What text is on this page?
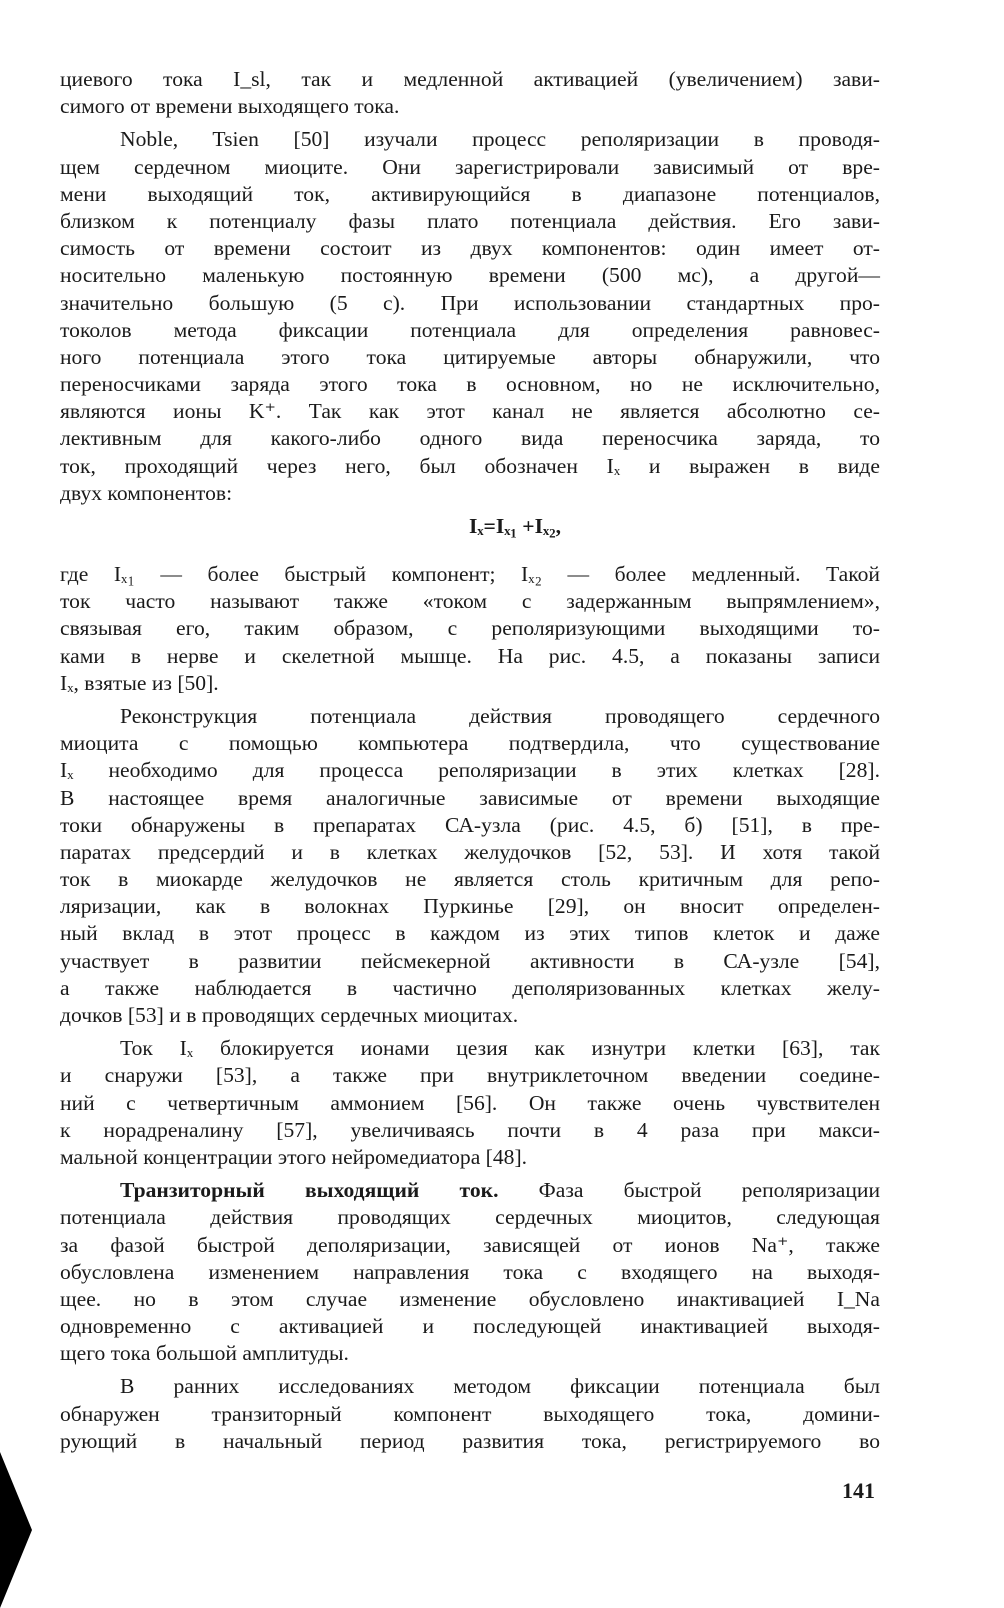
циевого тока I_sl, так и медленной активацией (увеличением) зави-
симого от времени выходящего тока.
Noble, Tsien [50] изучали процесс реполяризации в проводя-
щем сердечном миоците. Они зарегистрировали зависимый от вре-
мени выходящий ток, активирующийся в диапазоне потенциалов,
близком к потенциалу фазы плато потенциала действия. Его зави-
симость от времени состоит из двух компонентов: один имеет от-
носительно маленькую постоянную времени (500 мс), а другой—
значительно большую (5 с). При использовании стандартных про-
токолов метода фиксации потенциала для определения равновес-
ного потенциала этого тока цитируемые авторы обнаружили, что
переносчиками заряда этого тока в основном, но не исключительно,
являются ионы K⁺. Так как этот канал не является абсолютно се-
лективным для какого-либо одного вида переносчика заряда, то
ток, проходящий через него, был обозначен Iₓ и выражен в виде
двух компонентов:
Iₓ=Iₓ₁ +Iₓ₂,
где Iₓ₁ — более быстрый компонент; Iₓ₂ — более медленный. Такой
ток часто называют также «током с задержанным выпрямлением»,
связывая его, таким образом, с реполяризующими выходящими то-
ками в нерве и скелетной мышце. На рис. 4.5, а показаны записи
Iₓ, взятые из [50].
Реконструкция потенциала действия проводящего сердечного
миоцита с помощью компьютера подтвердила, что существование
Iₓ необходимо для процесса реполяризации в этих клетках [28].
В настоящее время аналогичные зависимые от времени выходящие
токи обнаружены в препаратах СА-узла (рис. 4.5, б) [51], в пре-
паратах предсердий и в клетках желудочков [52, 53]. И хотя такой
ток в миокарде желудочков не является столь критичным для репо-
ляризации, как в волокнах Пуркинье [29], он вносит определен-
ный вклад в этот процесс в каждом из этих типов клеток и даже
участвует в развитии пейсмекерной активности в СА-узле [54],
а также наблюдается в частично деполяризованных клетках желу-
дочков [53] и в проводящих сердечных миоцитах.
Ток Iₓ блокируется ионами цезия как изнутри клетки [63], так
и снаружи [53], а также при внутриклеточном введении соедине-
ний с четвертичным аммонием [56]. Он также очень чувствителен
к норадреналину [57], увеличиваясь почти в 4 раза при макси-
мальной концентрации этого нейромедиатора [48].
Транзиторный выходящий ток. Фаза быстрой реполяризации
потенциала действия проводящих сердечных миоцитов, следующая
за фазой быстрой деполяризации, зависящей от ионов Na⁺, также
обусловлена изменением направления тока с входящего на выходя-
щее. но в этом случае изменение обусловлено инактивацией I_Na
одновременно с активацией и последующей инактивацией выходя-
щего тока большой амплитуды.
В ранних исследованиях методом фиксации потенциала был
обнаружен транзиторный компонент выходящего тока, домини-
рующий в начальный период развития тока, регистрируемого во
141
